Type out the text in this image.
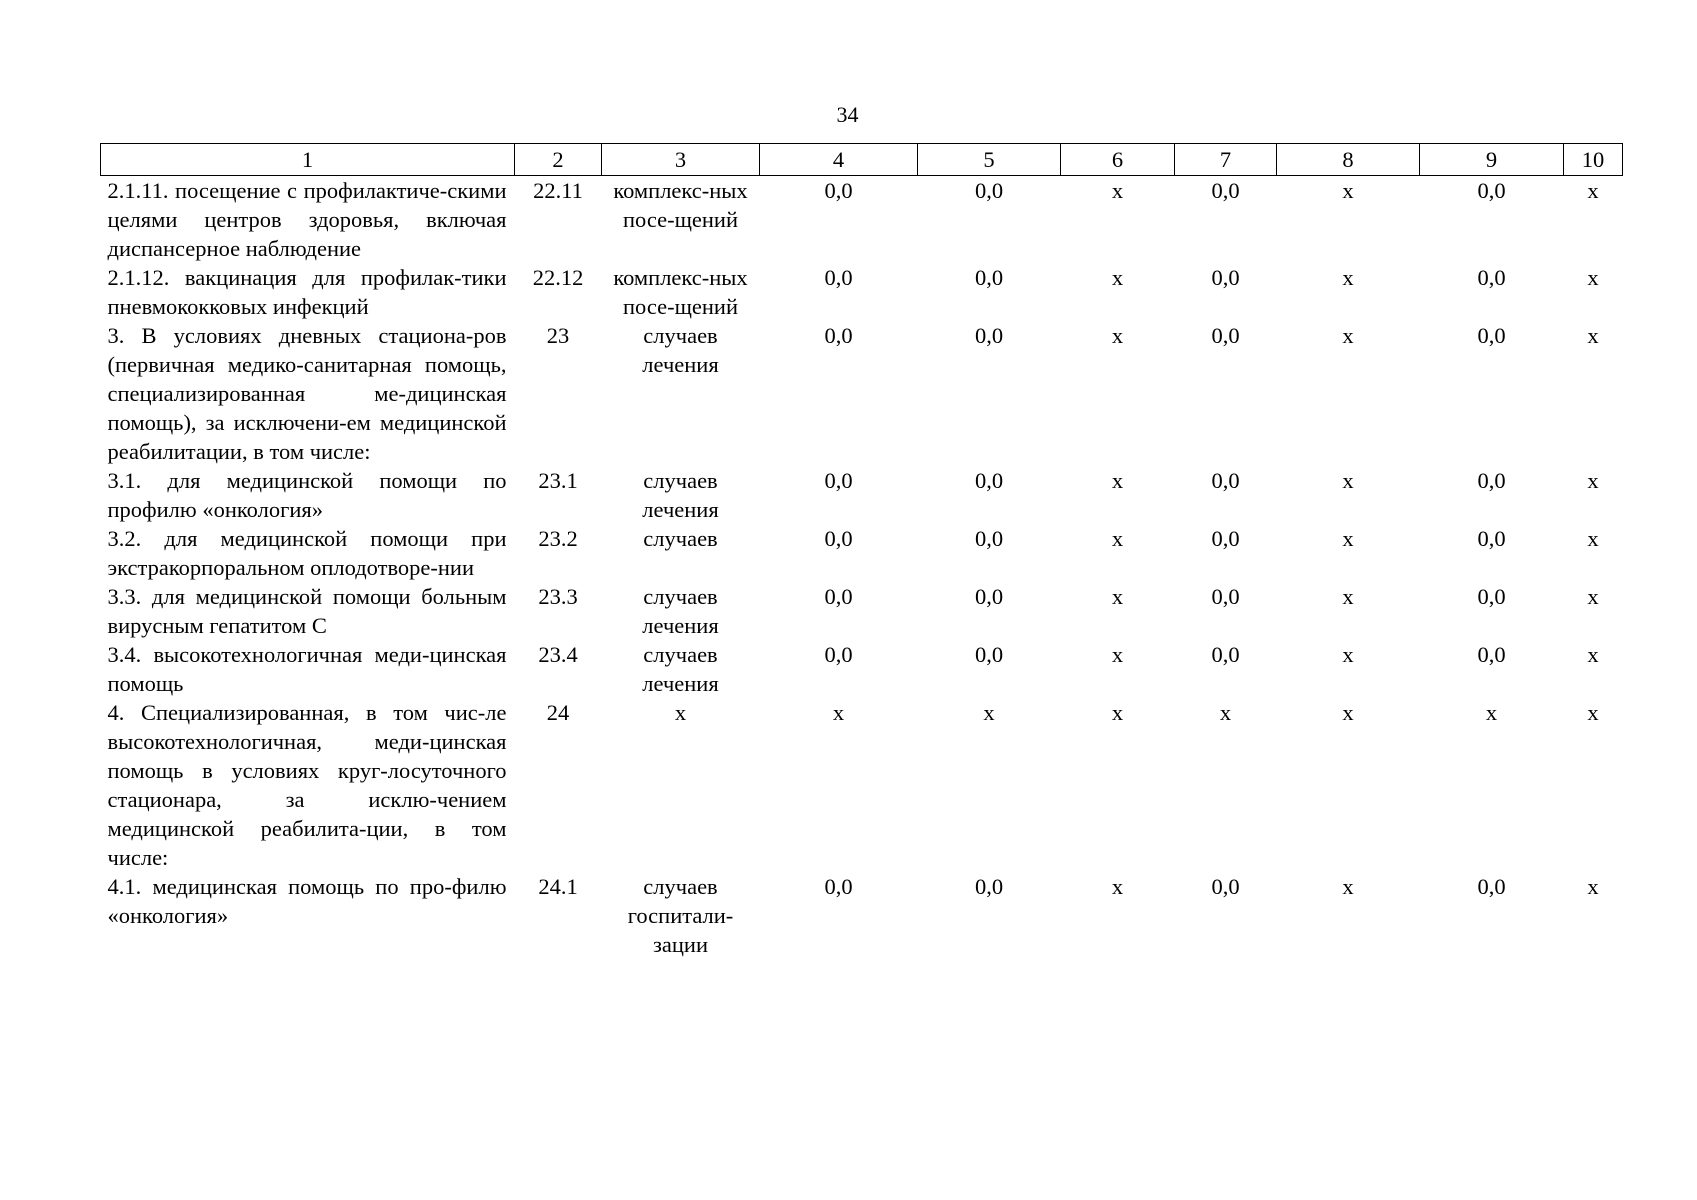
34
1	2	3	4	5	6	7	8	9	10
2.1.11. посещение с профилактиче-скими целями центров здоровья, включая диспансерное наблюдение	22.11	комплекс-ных посе-щений	0,0	0,0	х	0,0	х	0,0	х
2.1.12. вакцинация для профилак-тики пневмококковых инфекций	22.12	комплекс-ных посе-щений	0,0	0,0	х	0,0	х	0,0	х
3. В условиях дневных стациона-ров (первичная медико-санитарная помощь, специализированная ме-дицинская помощь), за исключени-ем медицинской реабилитации, в том числе:	23	случаев лечения	0,0	0,0	х	0,0	х	0,0	х
3.1. для медицинской помощи по профилю «онкология»	23.1	случаев лечения	0,0	0,0	х	0,0	х	0,0	х
3.2. для медицинской помощи при экстракорпоральном оплодотворе-нии	23.2	случаев	0,0	0,0	х	0,0	х	0,0	х
3.3. для медицинской помощи больным вирусным гепатитом С	23.3	случаев лечения	0,0	0,0	х	0,0	х	0,0	х
3.4. высокотехнологичная меди-цинская помощь	23.4	случаев лечения	0,0	0,0	х	0,0	х	0,0	х
4. Специализированная, в том чис-ле высокотехнологичная, меди-цинская помощь в условиях круг-лосуточного стационара, за исклю-чением медицинской реабилита-ции, в том числе:	24	х	х	х	х	х	х	х	х
4.1. медицинская помощь по про-филю «онкология»	24.1	случаев госпитали-зации	0,0	0,0	х	0,0	х	0,0	х
